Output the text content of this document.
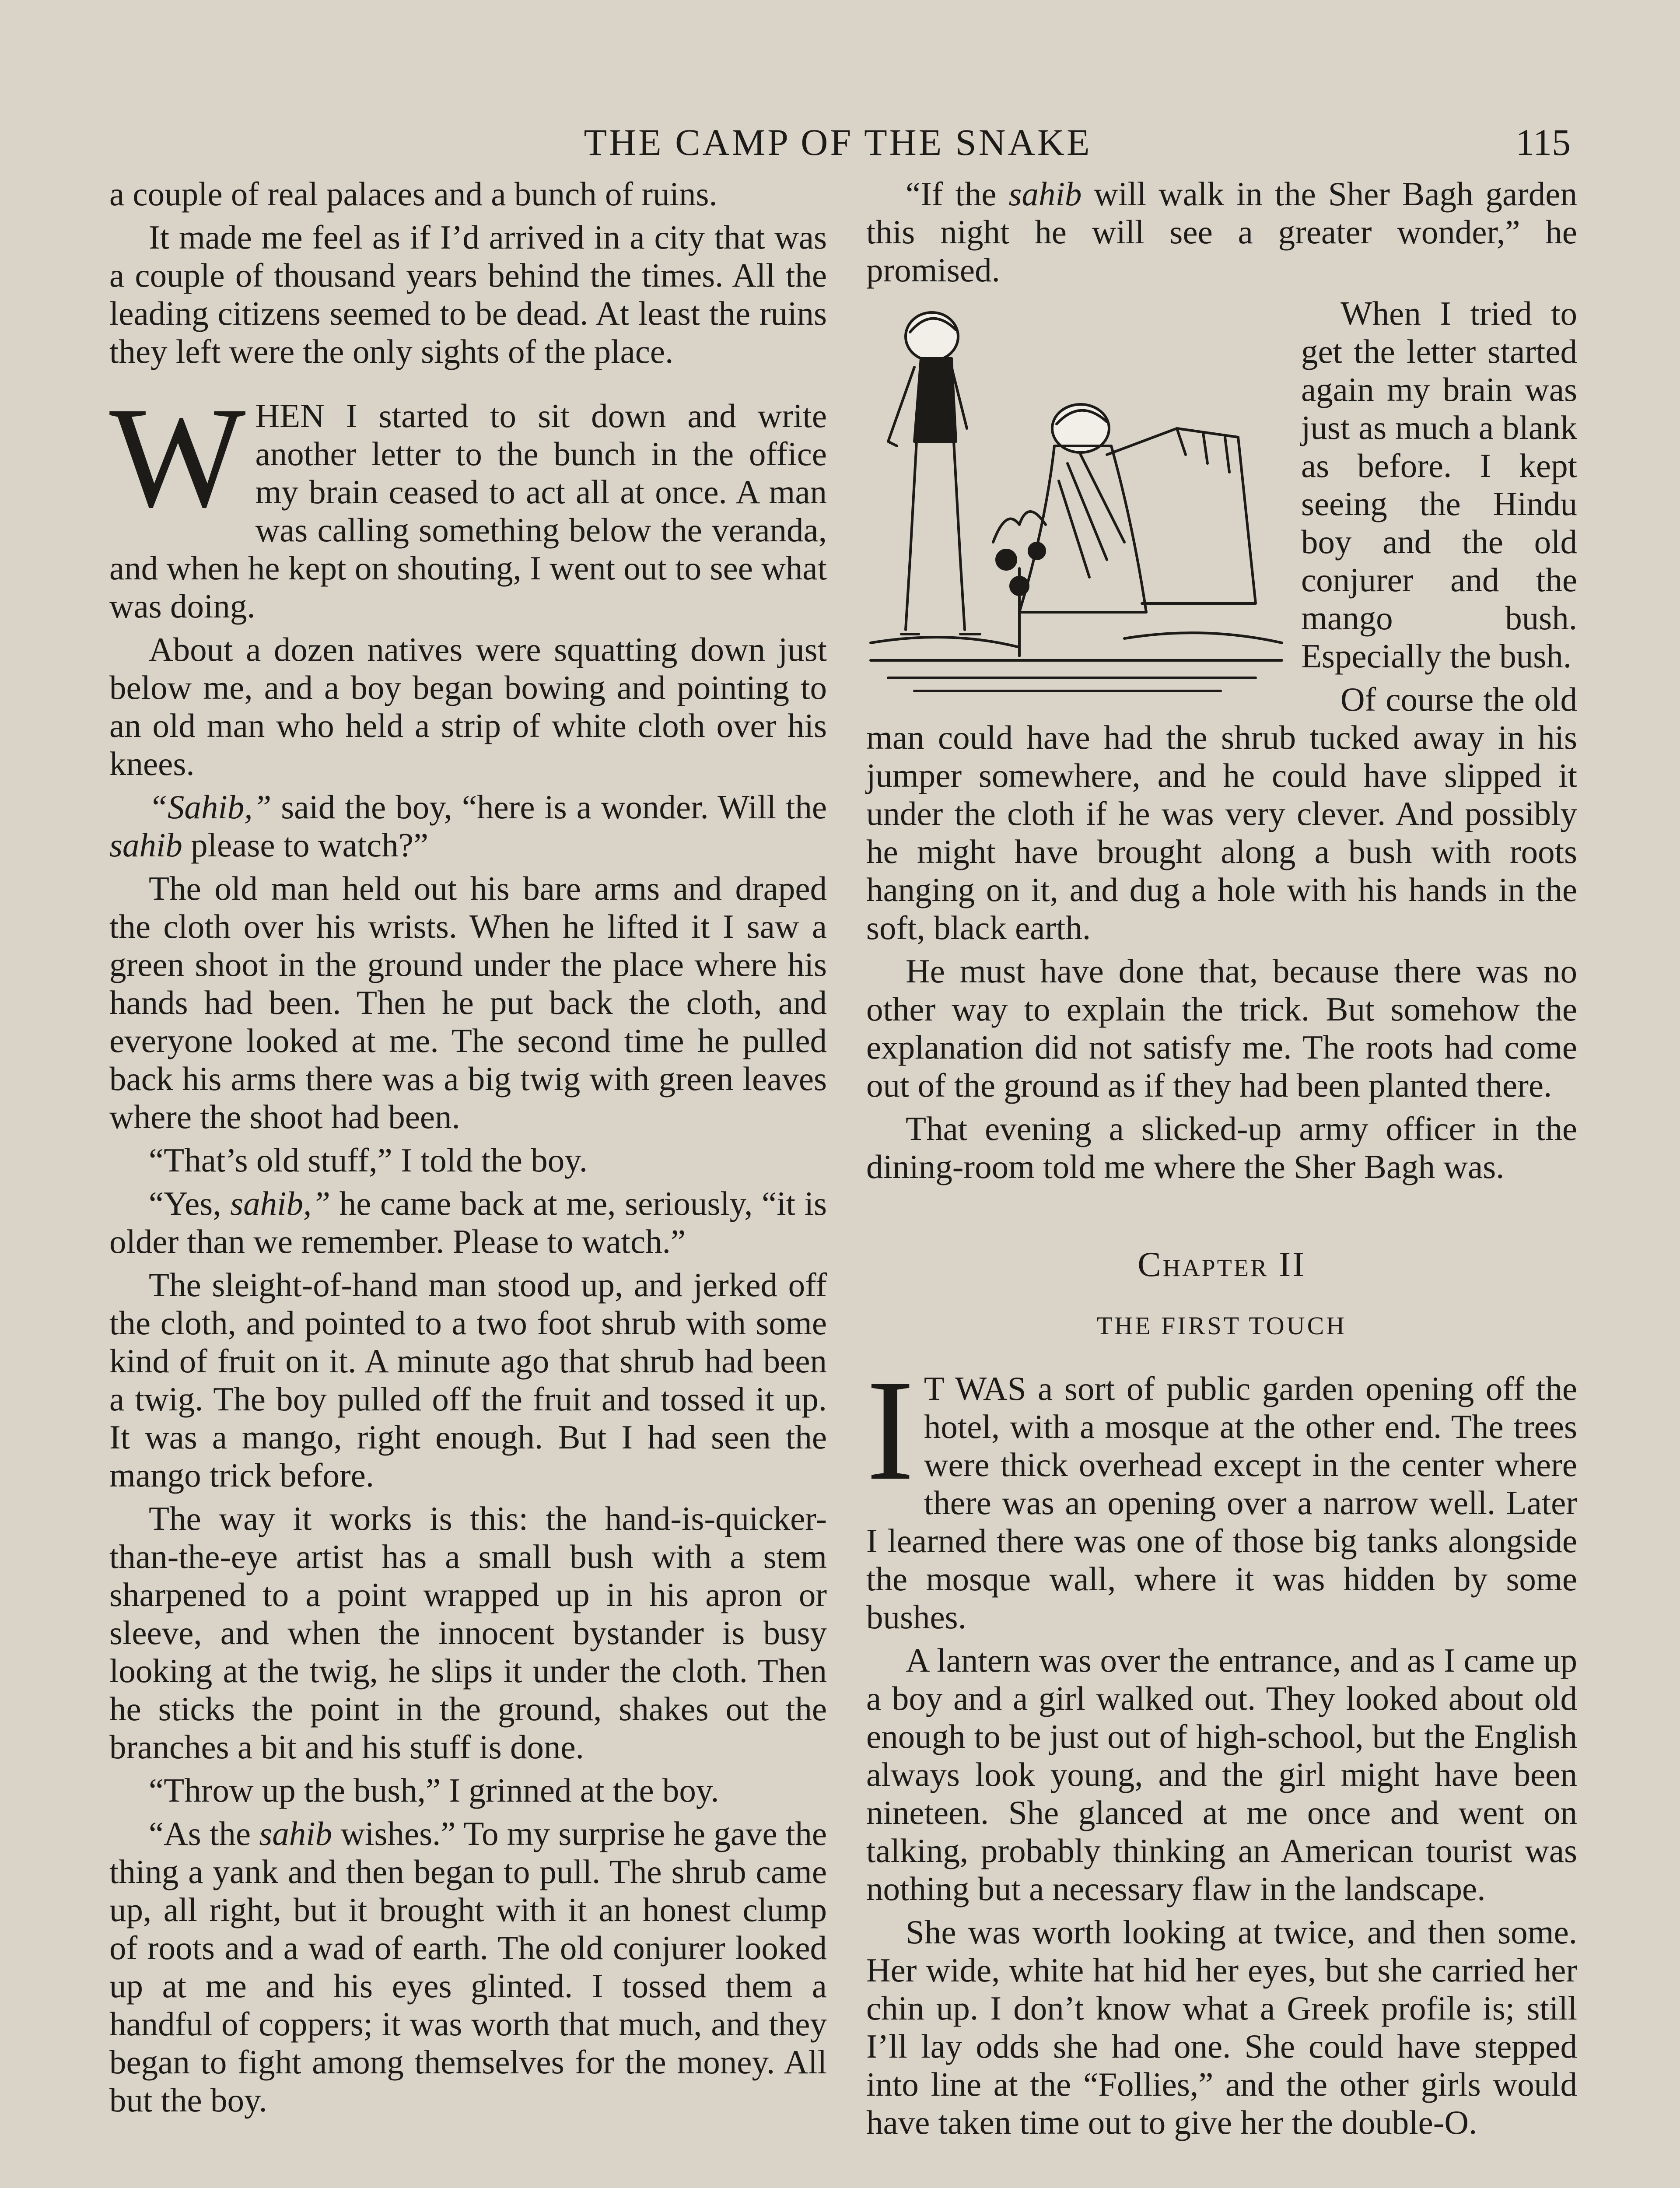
THE CAMP OF THE SNAKE	115

a couple of real palaces and a bunch of ruins.

It made me feel as if I’d arrived in a city that was a couple of thousand years behind the times. All the leading citizens seemed to be dead. At least the ruins they left were the only sights of the place.

WHEN I started to sit down and write another letter to the bunch in the office my brain ceased to act all at once. A man was calling something below the veranda, and when he kept on shouting, I went out to see what was doing.

About a dozen natives were squatting down just below me, and a boy began bowing and pointing to an old man who held a strip of white cloth over his knees.

“Sahib,” said the boy, “here is a wonder. Will the sahib please to watch?”

The old man held out his bare arms and draped the cloth over his wrists. When he lifted it I saw a green shoot in the ground under the place where his hands had been. Then he put back the cloth, and everyone looked at me. The second time he pulled back his arms there was a big twig with green leaves where the shoot had been.

“That’s old stuff,” I told the boy.

“Yes, sahib,” he came back at me, seriously, “it is older than we remember. Please to watch.”

The sleight-of-hand man stood up, and jerked off the cloth, and pointed to a two foot shrub with some kind of fruit on it. A minute ago that shrub had been a twig. The boy pulled off the fruit and tossed it up. It was a mango, right enough. But I had seen the mango trick before.

The way it works is this: the hand-is-quicker-than-the-eye artist has a small bush with a stem sharpened to a point wrapped up in his apron or sleeve, and when the innocent bystander is busy looking at the twig, he slips it under the cloth. Then he sticks the point in the ground, shakes out the branches a bit and his stuff is done.

“Throw up the bush,” I grinned at the boy.

“As the sahib wishes.” To my surprise he gave the thing a yank and then began to pull. The shrub came up, all right, but it brought with it an honest clump of roots and a wad of earth. The old conjurer looked up at me and his eyes glinted. I tossed them a handful of coppers; it was worth that much, and they began to fight among themselves for the money. All but the boy.

“If the sahib will walk in the Sher Bagh garden this night he will see a greater wonder,” he promised.

When I tried to get the letter started again my brain was just as much a blank as before. I kept seeing the Hindu boy and the old conjurer and the mango bush. Especially the bush.

Of course the old man could have had the shrub tucked away in his jumper somewhere, and he could have slipped it under the cloth if he was very clever. And possibly he might have brought along a bush with roots hanging on it, and dug a hole with his hands in the soft, black earth.

He must have done that, because there was no other way to explain the trick. But somehow the explanation did not satisfy me. The roots had come out of the ground as if they had been planted there.

That evening a slicked-up army officer in the dining-room told me where the Sher Bagh was.

Chapter II
THE FIRST TOUCH

I T WAS a sort of public garden opening off the hotel, with a mosque at the other end. The trees were thick overhead except in the center where there was an opening over a narrow well. Later I learned there was one of those big tanks alongside the mosque wall, where it was hidden by some bushes.

A lantern was over the entrance, and as I came up a boy and a girl walked out. They looked about old enough to be just out of high-school, but the English always look young, and the girl might have been nineteen. She glanced at me once and went on talking, probably thinking an American tourist was nothing but a necessary flaw in the landscape.

She was worth looking at twice, and then some. Her wide, white hat hid her eyes, but she carried her chin up. I don’t know what a Greek profile is; still I’ll lay odds she had one. She could have stepped into line at the “Follies,” and the other girls would have taken time out to give her the double-O.
